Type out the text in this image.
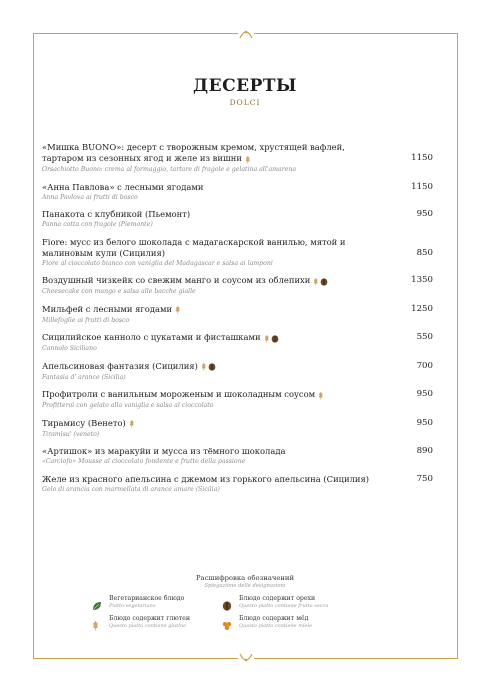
ДЕСЕРТЫ
DOLCI
«Мишка BUONO»: десерт с творожным кремом, хрустящей вафлей, тартаром из сезонных ягод и желе из вишни
Orsachiotto Buono: crema al formaggio, tartare di fragole e gelatina all'amarena
1150
«Анна Павлова» с лесными ягодами
Anna Pavlova ai frutti di bosco
1150
Панакота с клубникой (Пьемонт)
Panna cotta con fragole (Piemonte)
950
Fiore: мусс из белого шоколада с мадагаскарской ванилью, мятой и малиновым кули (Сицилия)
Fiore al cioccolato bianco con vaniglia del Madagascar e salsa ai lamponi
850
Воздушный чизкейк со свежим манго и соусом из облепихи
Cheesecake con mango e salsa alle bacche gialle
1350
Мильфей с лесными ягодами
Millefoglie ai frutti di bosco
1250
Сицилийское канноло с цукатами и фисташками
Cannolo Siciliano
550
Апельсиновая фантазия (Сицилия)
Fantasia d' arance (Sicilia)
700
Профитроли с ванильным мороженым и шоколадным соусом
Profitteroi con gelato alla vaniglia e salsa al cioccolato
950
Тирамису (Венето)
Tiramisu' (veneto)
950
«Артишок» из маракуйи и мусса из тёмного шоколада
«Carciofo» Mousse al cioccolato fondente e frutto della passione
890
Желе из красного апельсина с джемом из горького апельсина (Сицилия)
Gelo di arancia con marmellata di arance amare (Sicilia)
750
Расшифровка обозначений
Spiegazione delle designazioni
Вегетарианское блюдо
Piatto vegetariano
Блюдо содержит орехи
Questo piatto contiene frutta secca
Блюдо содержит глютен
Questo piatto contiene glutine
Блюдо содержит мёд
Questo piatto contiene miele
